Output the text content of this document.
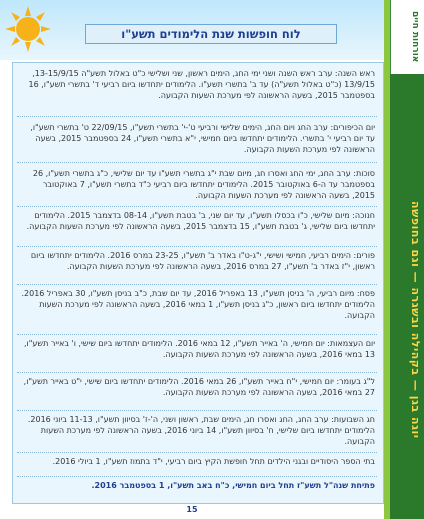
לוח חופשות שנת הלימודים תשע"ו
יוגה בגן — בקהילה ובשגרה — וגם בחופשה
אורחות חיים
ראש השנה: ערב ראש השנה ושני ימי החג, הימים ראשון, שני ושלישי כ"ט באלול תשע"ה 13-15/9/15, 13/9/15 (כ"ט באלול תשע"ה) עד ב' בתשרי תשע"ו. הלימודים יתחדשו ביום רביעי ד' בתשרי תשע"ו, 16 בספטמבר 2015, בשעה הראשונה לפי מערכת השעות הקבועה.
יום הכיפורים: ערב החג ויום החג, הימים שלישי ורביעי ט'-י' בתשרי תשע"ו, 22/09/15 ט' בתשרי תשע"ו, עד יום רביעי י' בתשרי. הלימודים יתחדשו ביום חמישי, י"א בתשרי תשע"ו, 24 בספטמבר 2015, בשעה הראשונה לפי מערכת השעות הקבועה.
סוכות: ערב החג, ימי החג ואסרו חג, מיום שבת י"ג בתשרי תשע"ו עד יום שלישי, כ"ג בתשרי תשע"ו, 26 בספטמבר עד ה-6 באוקטובר 2015. הלימודים יתחדשו ביום רביעי כ"ד בתשרי תשע"ו, 7 באוקטובר 2015, בשעה הראשונה לפי מערכת השעות הקבועה.
חנוכה: מיום שלישי, כ"ו בכסלו תשע"ו, עד יום שני, ב' בטבת תשע"ו, 08-14 בדצמבר 2015. הלימודים יתחדשו ביום שלישי, ג' בטבת תשע"ו, 15 בדצמבר 2015, בשעה הראשונה לפי מערכת השעות הקבועה.
פורים: הימים רביעי, חמישי ושישי, י"ג-ט"ו באדר ב' תשע"ו, 23-25 במרס 2016. הלימודים יתחדשו ביום ראשון, י"ז באדר ב' תשע"ו, 27 במרס 2016, בשעה הראשונה לפי מערכת השעות הקבועה.
פסח: מיום רביעי, ה' בניסן תשע"ו, 13 באפריל 2016, עד יום שבת, כ"ב בניסן תשע"ו, 30 באפריל 2016. הלימודים יתחדשו ביום ראשון, כ"ג בניסן תשע"ו, 1 במאי 2016, בשעה הראשונה לפי מערכת השעות הקבועה.
יום העצמאות: יום חמישי, ה' באייר תשע"ו, 12 במאי 2016. הלימודים יתחדשו ביום שישי, ו' באייר תשע"ו, 13 במאי 2016, בשעה הראשונה לפי מערכת השעות הקבועה.
ל"ג בעומר: יום חמישי, י"ח באייר תשע"ו, 26 במאי 2016. הלימודים יתחדשו ביום שישי, י"ט באייר תשע"ו, 27 במאי 2016, בשעה הראשונה לפי מערכת השעות הקבועה.
חג השבועות: ערב החג, החג ואסרו חג, הימים שבת, ראשון ושני, ה'-ז' בסיוון תשע"ו, 11-13 ביוני 2016. הלימודים יתחדשו ביום שלישי, ח' בסיוון תשע"ו, 14 ביוני 2016, בשעה הראשונה לפי מערכת השעות הקבועה.
בתי הספר היסודיים ובגני הילדים תחל חופשת הקיץ ביום רביעי, י"ד בתמוז תשע"ו, 1 ביולי 2016.
פתיחת שנה"ל תשע"ז תחל ביום חמישי, כ"ח באב תשע"ו, 1 בספטמבר 2016.
15
